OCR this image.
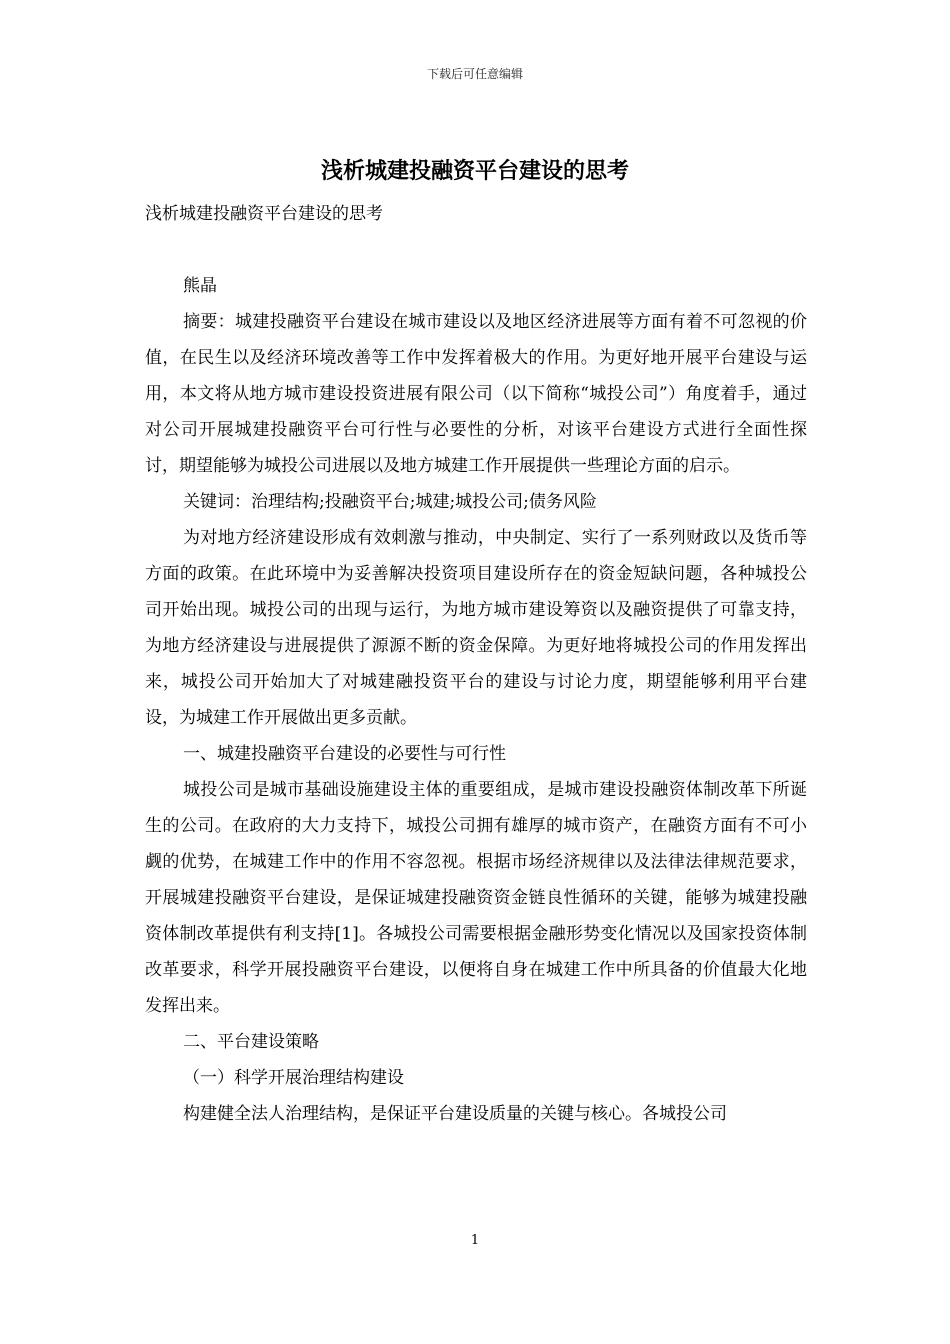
下载后可任意编辑
浅析城建投融资平台建设的思考

浅析城建投融资平台建设的思考

熊晶

摘要：城建投融资平台建设在城市建设以及地区经济进展等方面有着不可忽视的价值，在民生以及经济环境改善等工作中发挥着极大的作用。为更好地开展平台建设与运用，本文将从地方城市建设投资进展有限公司（以下简称“城投公司”）角度着手，通过对公司开展城建投融资平台可行性与必要性的分析，对该平台建设方式进行全面性探讨，期望能够为城投公司进展以及地方城建工作开展提供一些理论方面的启示。

关键词：治理结构;投融资平台;城建;城投公司;债务风险

为对地方经济建设形成有效刺激与推动，中央制定、实行了一系列财政以及货币等方面的政策。在此环境中为妥善解决投资项目建设所存在的资金短缺问题，各种城投公司开始出现。城投公司的出现与运行，为地方城市建设筹资以及融资提供了可靠支持，为地方经济建设与进展提供了源源不断的资金保障。为更好地将城投公司的作用发挥出来，城投公司开始加大了对城建融投资平台的建设与讨论力度，期望能够利用平台建设，为城建工作开展做出更多贡献。

一、城建投融资平台建设的必要性与可行性

城投公司是城市基础设施建设主体的重要组成，是城市建设投融资体制改革下所诞生的公司。在政府的大力支持下，城投公司拥有雄厚的城市资产，在融资方面有不可小觑的优势，在城建工作中的作用不容忽视。根据市场经济规律以及法律法律规范要求，开展城建投融资平台建设，是保证城建投融资资金链良性循环的关键，能够为城建投融资体制改革提供有利支持[1]。各城投公司需要根据金融形势变化情况以及国家投资体制改革要求，科学开展投融资平台建设，以便将自身在城建工作中所具备的价值最大化地发挥出来。

二、平台建设策略

（一）科学开展治理结构建设

构建健全法人治理结构，是保证平台建设质量的关键与核心。各城投公司

1
